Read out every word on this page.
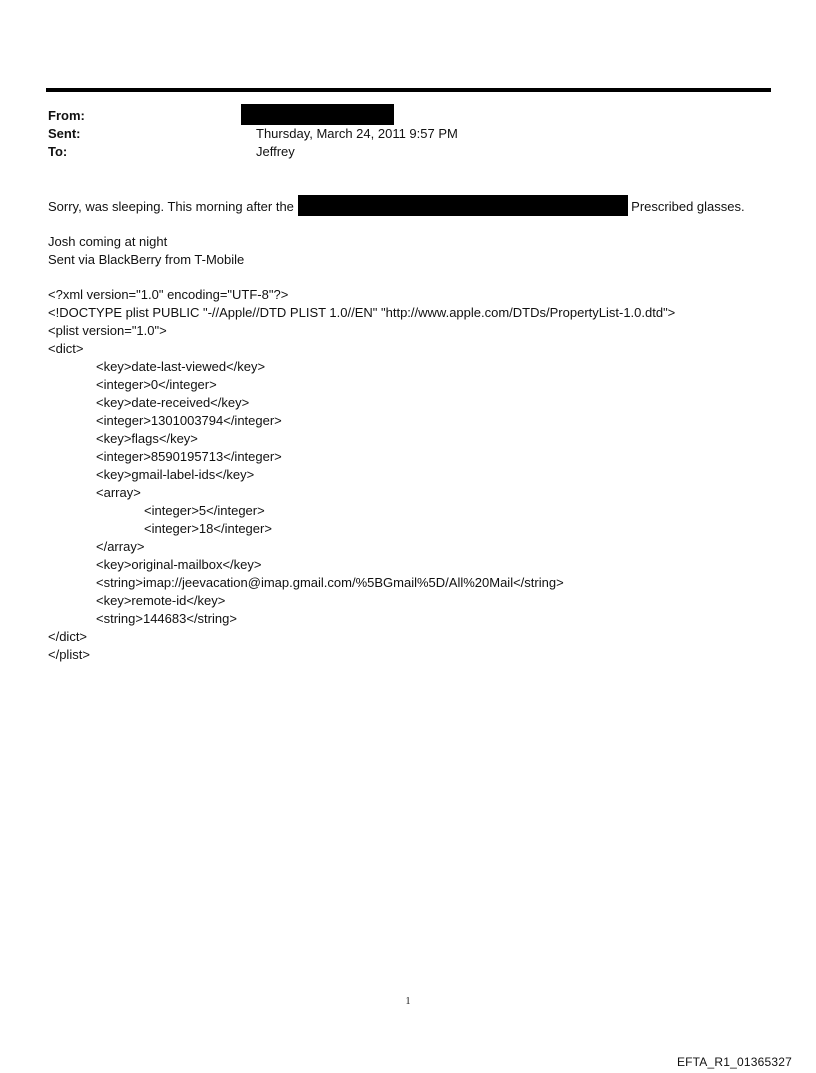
From:
Sent:	Thursday, March 24, 2011 9:57 PM
To:	Jeffrey
Sorry, was sleeping. This morning after the	Prescribed glasses.
Josh coming at night
Sent via BlackBerry from T-Mobile
<?xml version="1.0" encoding="UTF-8"?>
<!DOCTYPE plist PUBLIC "-//Apple//DTD PLIST 1.0//EN" "http://www.apple.com/DTDs/PropertyList-1.0.dtd">
<plist version="1.0">
<dict>
<key>date-last-viewed</key>
<integer>0</integer>
<key>date-received</key>
<integer>1301003794</integer>
<key>flags</key>
<integer>8590195713</integer>
<key>gmail-label-ids</key>
<array>
<integer>5</integer>
<integer>18</integer>
</array>
<key>original-mailbox</key>
<string>imap://jeevacation@imap.gmail.com/%5BGmail%5D/All%20Mail</string>
<key>remote-id</key>
<string>144683</string>
</dict>
</plist>
1
EFTA_R1_01365327
